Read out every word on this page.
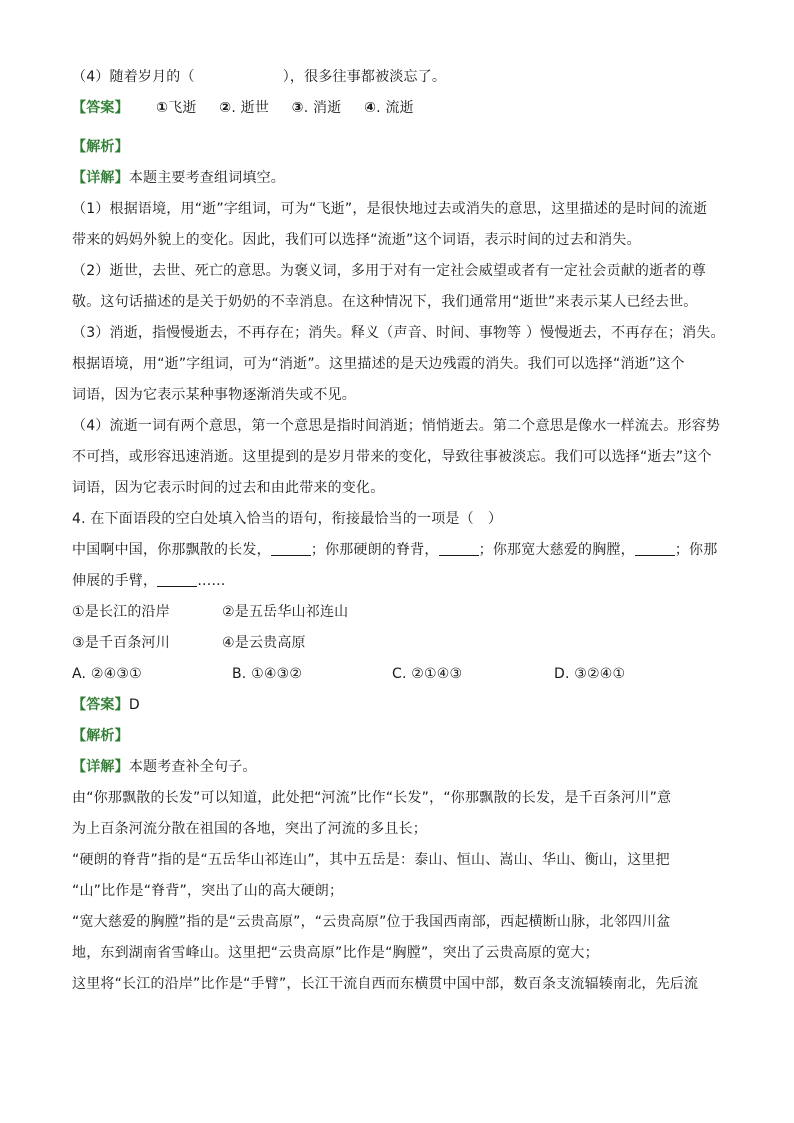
（4）随着岁月的（	），很多往事都被淡忘了。
【答案】 ①飞逝 ②. 逝世 ③. 消逝 ④. 流逝
【解析】
【详解】本题主要考查组词填空。
（1）根据语境，用“逝”字组词，可为“飞逝”，是很快地过去或消失的意思，这里描述的是时间的流逝
带来的妈妈外貌上的变化。因此，我们可以选择“流逝”这个词语，表示时间的过去和消失。
（2）逝世，去世、死亡的意思。为褒义词，多用于对有一定社会威望或者有一定社会贡献的逝者的尊
敬。这句话描述的是关于奶奶的不幸消息。在这种情况下，我们通常用“逝世”来表示某人已经去世。
（3）消逝，指慢慢逝去，不再存在；消失。释义（声音、时间、事物等 ）慢慢逝去，不再存在；消失。
根据语境，用“逝”字组词，可为“消逝”。这里描述的是天边残霞的消失。我们可以选择“消逝”这个
词语，因为它表示某种事物逐渐消失或不见。
（4）流逝一词有两个意思，第一个意思是指时间消逝；悄悄逝去。第二个意思是像水一样流去。形容势
不可挡，或形容迅速消逝。这里提到的是岁月带来的变化，导致往事被淡忘。我们可以选择“逝去”这个
词语，因为它表示时间的过去和由此带来的变化。
4. 在下面语段的空白处填入恰当的语句，衔接最恰当的一项是（　）
中国啊中国，你那飘散的长发，	；你那硬朗的脊背，	；你那宽大慈爱的胸膛，	；你那
伸展的手臂，	……
①是长江的沿岸	②是五岳华山祁连山
③是千百条河川	④是云贵高原
A. ②④③①	B. ①④③②	C. ②①④③	D. ③②④①
【答案】D
【解析】
【详解】本题考查补全句子。
由“你那飘散的长发”可以知道，此处把“河流”比作“长发”，“你那飘散的长发，是千百条河川”意
为上百条河流分散在祖国的各地，突出了河流的多且长；
“硬朗的脊背”指的是“五岳华山祁连山”，其中五岳是：泰山、恒山、嵩山、华山、衡山，这里把
“山”比作是“脊背”，突出了山的高大硬朗；
“宽大慈爱的胸膛”指的是“云贵高原”，“云贵高原”位于我国西南部，西起横断山脉，北邻四川盆
地，东到湖南省雪峰山。这里把“云贵高原”比作是“胸膛”，突出了云贵高原的宽大；
这里将“长江的沿岸”比作是“手臂”，长江干流自西而东横贯中国中部，数百条支流辐辏南北，先后流
